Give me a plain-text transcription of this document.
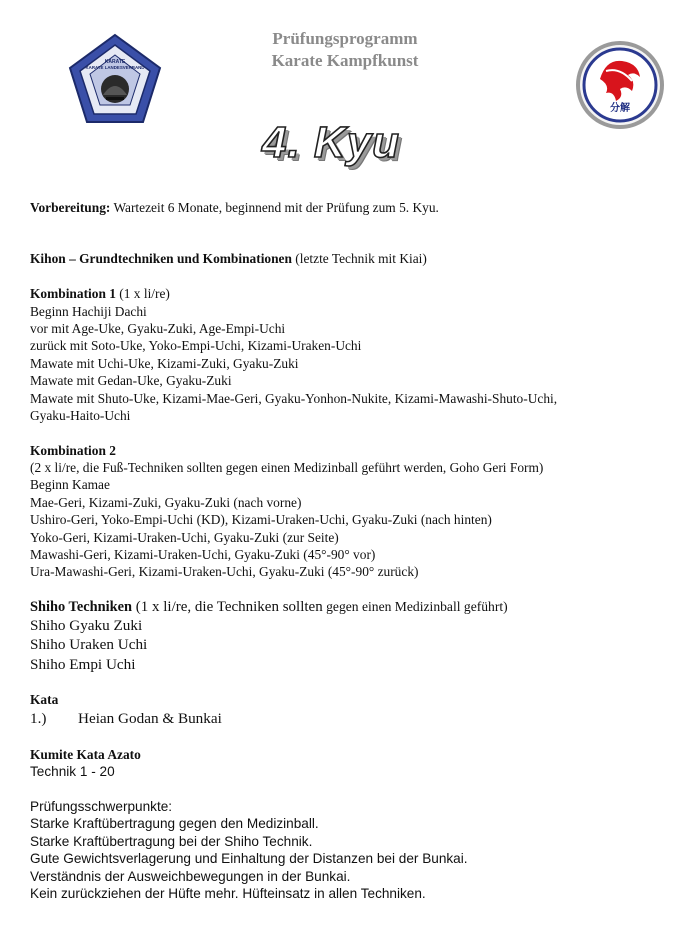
KARATE
KARATE LANDESVERBAND
Prüfungsprogramm
Karate Kampfkunst
分解
4. Kyu
Vorbereitung: Wartezeit 6 Monate, beginnend mit der Prüfung zum 5. Kyu.
Kihon – Grundtechniken und Kombinationen (letzte Technik mit Kiai)
Kombination 1 (1 x li/re)
Beginn Hachiji Dachi
vor mit Age-Uke, Gyaku-Zuki, Age-Empi-Uchi
zurück mit Soto-Uke, Yoko-Empi-Uchi, Kizami-Uraken-Uchi
Mawate mit Uchi-Uke, Kizami-Zuki, Gyaku-Zuki
Mawate mit Gedan-Uke, Gyaku-Zuki
Mawate mit Shuto-Uke, Kizami-Mae-Geri, Gyaku-Yonhon-Nukite, Kizami-Mawashi-Shuto-Uchi,
Gyaku-Haito-Uchi
Kombination 2
(2 x li/re, die Fuß-Techniken sollten gegen einen Medizinball geführt werden, Goho Geri Form)
Beginn Kamae
Mae-Geri, Kizami-Zuki, Gyaku-Zuki (nach vorne)
Ushiro-Geri, Yoko-Empi-Uchi (KD), Kizami-Uraken-Uchi, Gyaku-Zuki (nach hinten)
Yoko-Geri, Kizami-Uraken-Uchi, Gyaku-Zuki (zur Seite)
Mawashi-Geri, Kizami-Uraken-Uchi, Gyaku-Zuki (45°-90° vor)
Ura-Mawashi-Geri, Kizami-Uraken-Uchi, Gyaku-Zuki (45°-90° zurück)
Shiho Techniken (1 x li/re, die Techniken sollten gegen einen Medizinball geführt)
Shiho Gyaku Zuki
Shiho Uraken Uchi
Shiho Empi Uchi
Kata
1.) Heian Godan & Bunkai
Kumite Kata Azato
Technik 1 - 20
Prüfungsschwerpunkte:
Starke Kraftübertragung gegen den Medizinball.
Starke Kraftübertragung bei der Shiho Technik.
Gute Gewichtsverlagerung und Einhaltung der Distanzen bei der Bunkai.
Verständnis der Ausweichbewegungen in der Bunkai.
Kein zurückziehen der Hüfte mehr. Hüfteinsatz in allen Techniken.
